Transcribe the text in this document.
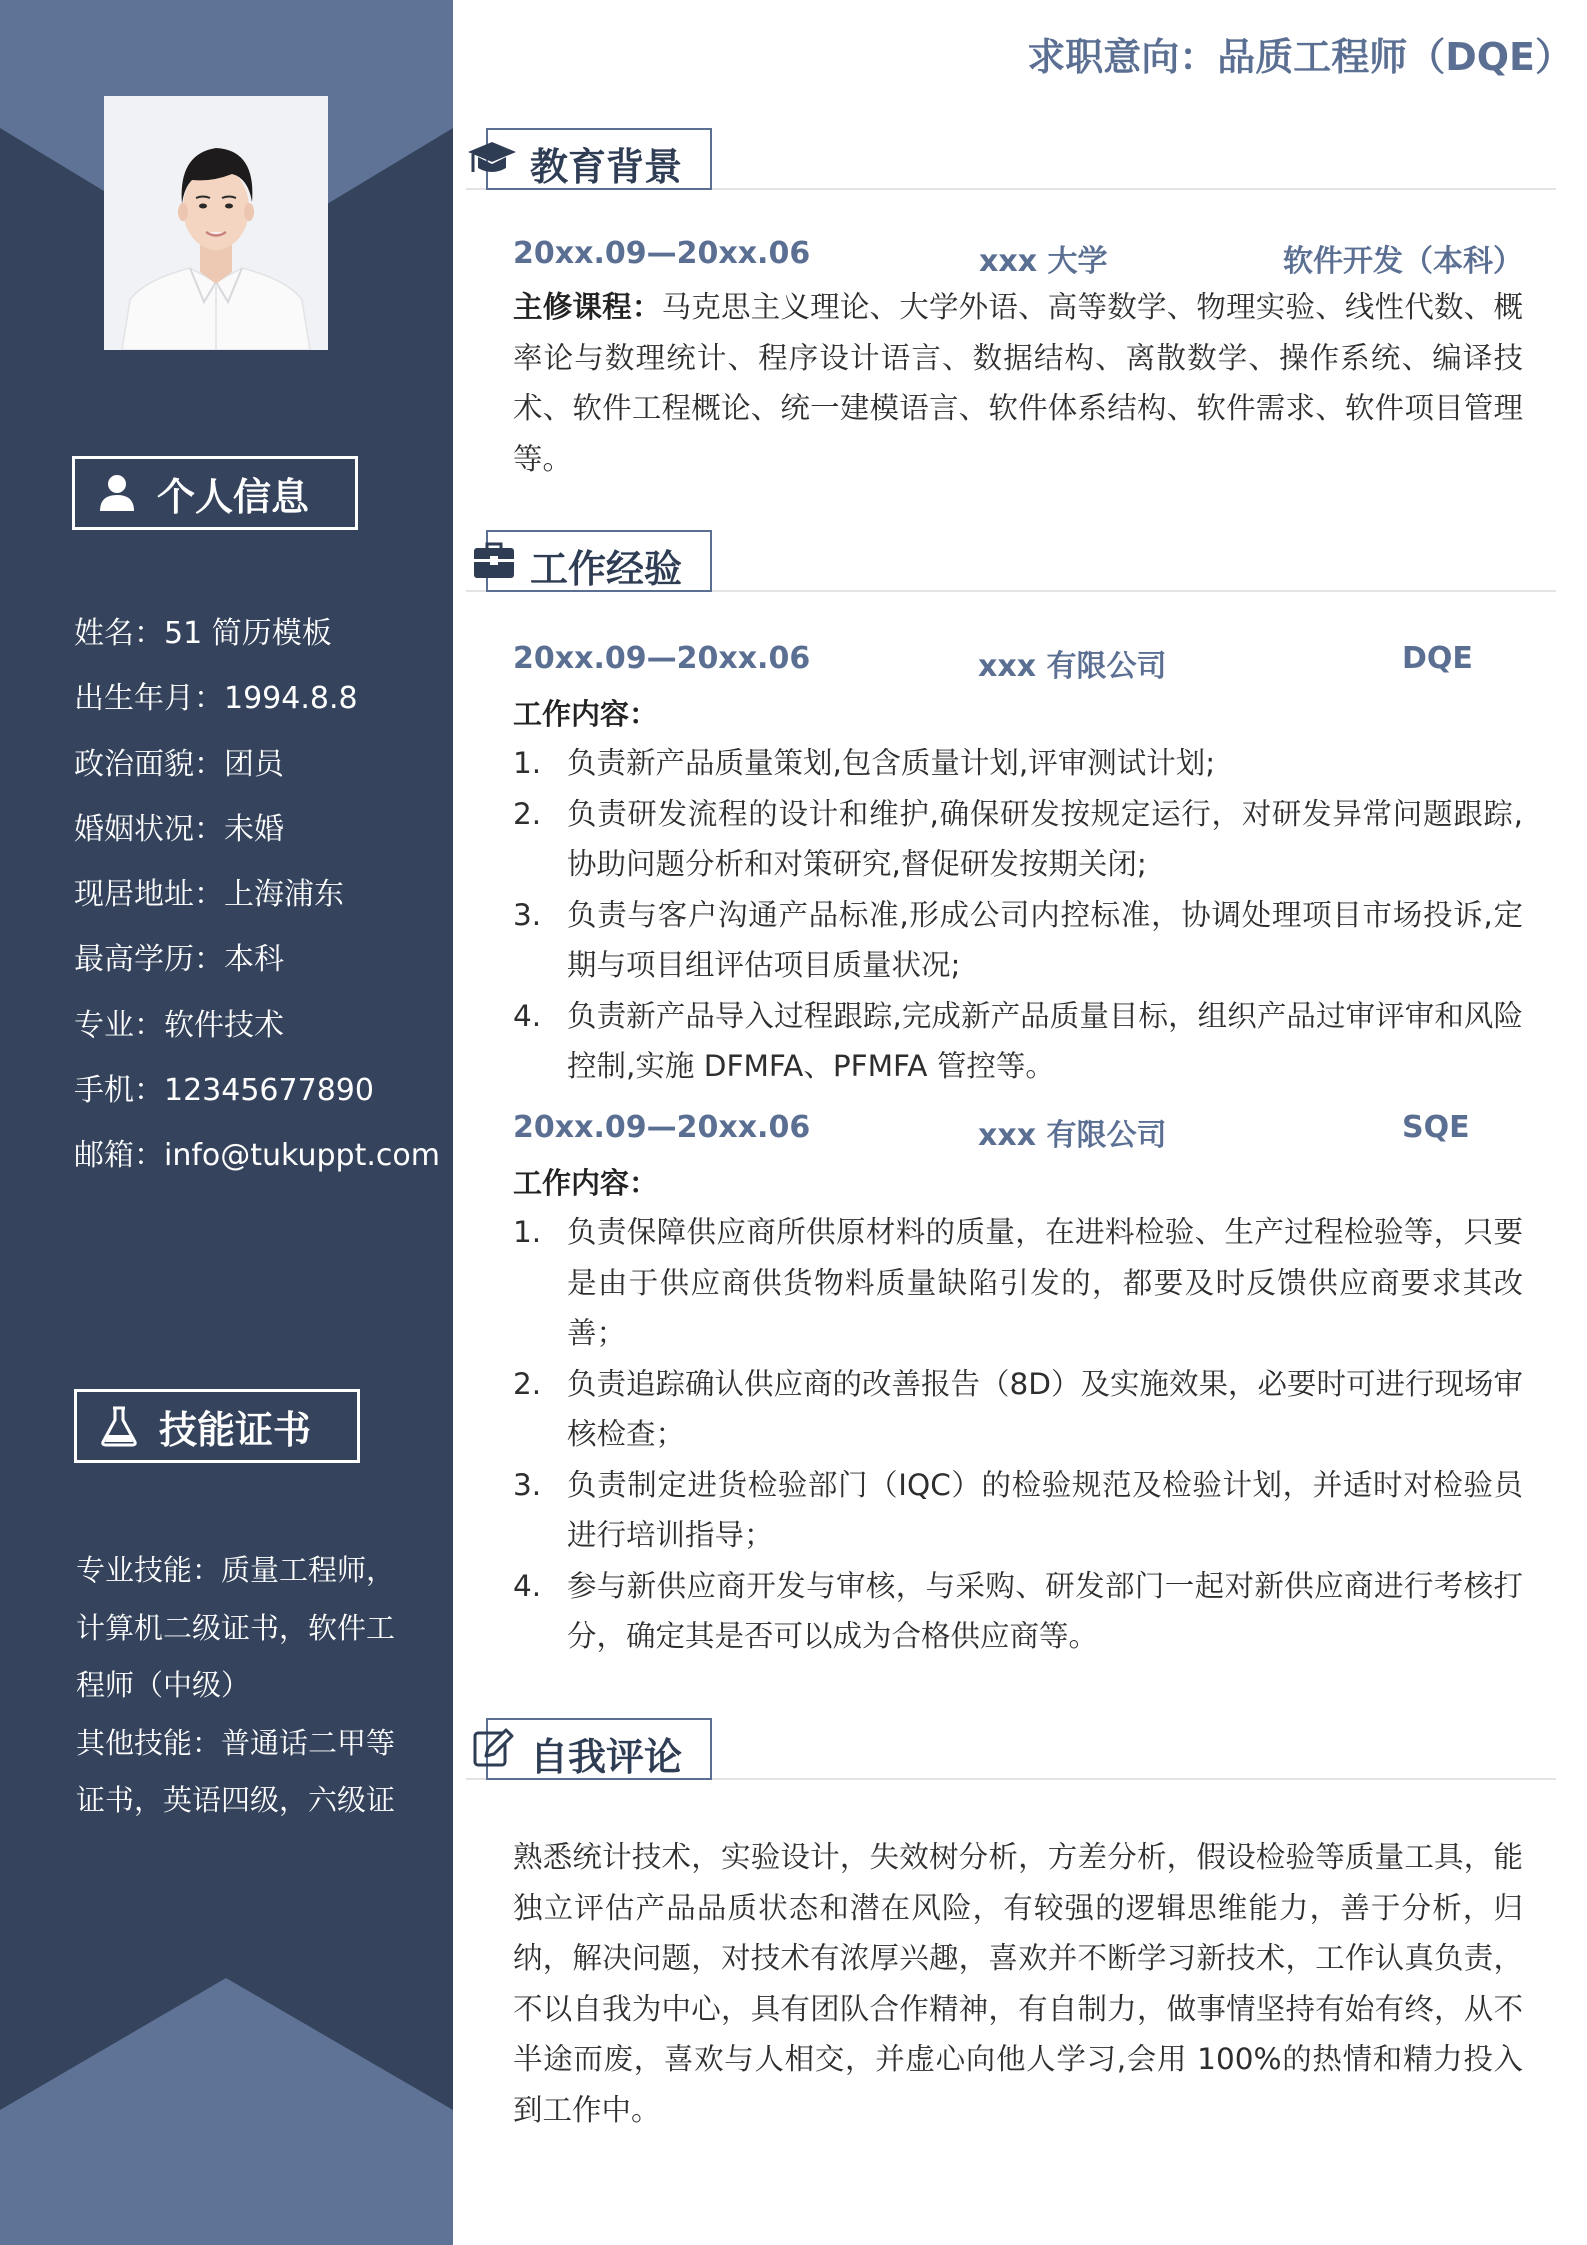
个人信息
姓名：51 简历模板
出生年月：1994.8.8
政治面貌：团员
婚姻状况：未婚
现居地址：上海浦东
最高学历：本科
专业：软件技术
手机：12345677890
邮箱：info@tukuppt.com
技能证书

专业技能：质量工程师，计算机二级证书，软件工程师（中级）

其他技能：普通话二甲等证书，英语四级，六级证

求职意向：品质工程师（DQE）
教育背景
20xx.09—20xx.06	xxx 大学	软件开发（本科）
主修课程：马克思主义理论、大学外语、高等数学、物理实验、线性代数、概率论与数理统计、程序设计语言、数据结构、离散数学、操作系统、编译技术、软件工程概论、统一建模语言、软件体系结构、软件需求、软件项目管理等。
工作经验
20xx.09—20xx.06	xxx 有限公司	DQE
工作内容：
1. 负责新产品质量策划,包含质量计划,评审测试计划;
2. 负责研发流程的设计和维护,确保研发按规定运行，对研发异常问题跟踪,协助问题分析和对策研究,督促研发按期关闭;
3. 负责与客户沟通产品标准,形成公司内控标准，协调处理项目市场投诉,定期与项目组评估项目质量状况;
4. 负责新产品导入过程跟踪,完成新产品质量目标，组织产品过审评审和风险控制,实施 DFMFA、PFMFA 管控等。
20xx.09—20xx.06	xxx 有限公司	SQE
工作内容：
1. 负责保障供应商所供原材料的质量，在进料检验、生产过程检验等，只要是由于供应商供货物料质量缺陷引发的，都要及时反馈供应商要求其改善；
2. 负责追踪确认供应商的改善报告（8D）及实施效果，必要时可进行现场审核检查；
3. 负责制定进货检验部门（IQC）的检验规范及检验计划，并适时对检验员进行培训指导；
4. 参与新供应商开发与审核，与采购、研发部门一起对新供应商进行考核打分，确定其是否可以成为合格供应商等。
自我评论
熟悉统计技术，实验设计，失效树分析，方差分析，假设检验等质量工具，能独立评估产品品质状态和潜在风险，有较强的逻辑思维能力，善于分析，归纳，解决问题，对技术有浓厚兴趣，喜欢并不断学习新技术，工作认真负责，不以自我为中心，具有团队合作精神，有自制力，做事情坚持有始有终，从不半途而废，喜欢与人相交，并虚心向他人学习,会用 100%的热情和精力投入到工作中。
